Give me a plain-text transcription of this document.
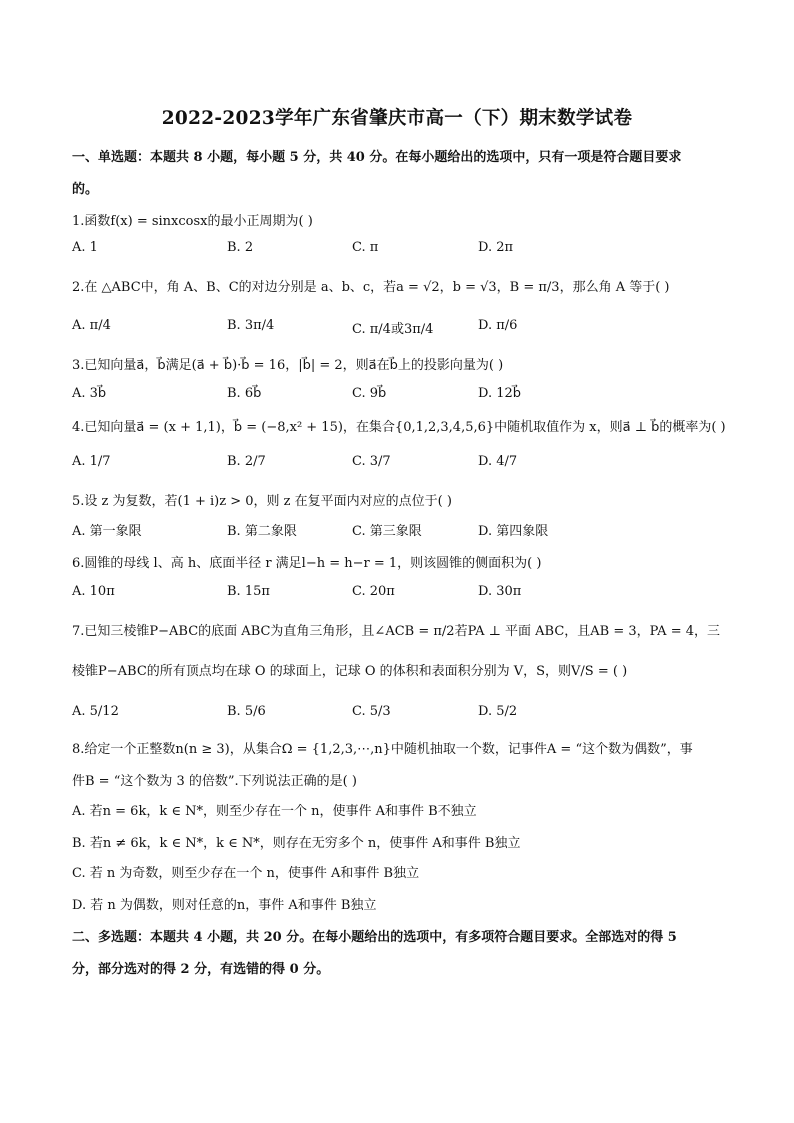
2022-2023学年广东省肇庆市高一（下）期末数学试卷
一、单选题：本题共 8 小题，每小题 5 分，共 40 分。在每小题给出的选项中，只有一项是符合题目要求
的。
1.函数f(x) = sinxcosx的最小正周期为( )
A. 1	B. 2	C. π	D. 2π
2.在 △ABC中，角 A、B、C的对边分别是 a、b、c，若a = √2，b = √3，B = π/3，那么角 A 等于( )
A. π/4	B. 3π/4	C. π/4或3π/4	D. π/6
3.已知向量a⃗，b⃗满足(a⃗ + b⃗)·b⃗ = 16，|b⃗| = 2，则a⃗在b⃗上的投影向量为( )
A. 3b⃗	B. 6b⃗	C. 9b⃗	D. 12b⃗
4.已知向量a⃗ = (x + 1,1)，b⃗ = (−8,x² + 15)，在集合{0,1,2,3,4,5,6}中随机取值作为 x，则a⃗ ⊥ b⃗的概率为( )
A. 1/7	B. 2/7	C. 3/7	D. 4/7
5.设 z 为复数，若(1 + i)z > 0，则 z 在复平面内对应的点位于( )
A. 第一象限	B. 第二象限	C. 第三象限	D. 第四象限
6.圆锥的母线 l、高 h、底面半径 r 满足l−h = h−r = 1，则该圆锥的侧面积为( )
A. 10π	B. 15π	C. 20π	D. 30π
7.已知三棱锥P−ABC的底面 ABC为直角三角形，且∠ACB = π/2若PA ⊥ 平面 ABC，且AB = 3，PA = 4，三
棱锥P−ABC的所有顶点均在球 O 的球面上，记球 O 的体积和表面积分别为 V，S，则V/S = ( )
A. 5/12	B. 5/6	C. 5/3	D. 5/2
8.给定一个正整数n(n ≥ 3)，从集合Ω = {1,2,3,⋯,n}中随机抽取一个数，记事件A = “这个数为偶数”，事
件B = “这个数为 3 的倍数”.下列说法正确的是( )
A. 若n = 6k，k ∈ N*，则至少存在一个 n，使事件 A和事件 B不独立
B. 若n ≠ 6k，k ∈ N*，k ∈ N*，则存在无穷多个 n，使事件 A和事件 B独立
C. 若 n 为奇数，则至少存在一个 n，使事件 A和事件 B独立
D. 若 n 为偶数，则对任意的n，事件 A和事件 B独立
二、多选题：本题共 4 小题，共 20 分。在每小题给出的选项中，有多项符合题目要求。全部选对的得 5
分，部分选对的得 2 分，有选错的得 0 分。
